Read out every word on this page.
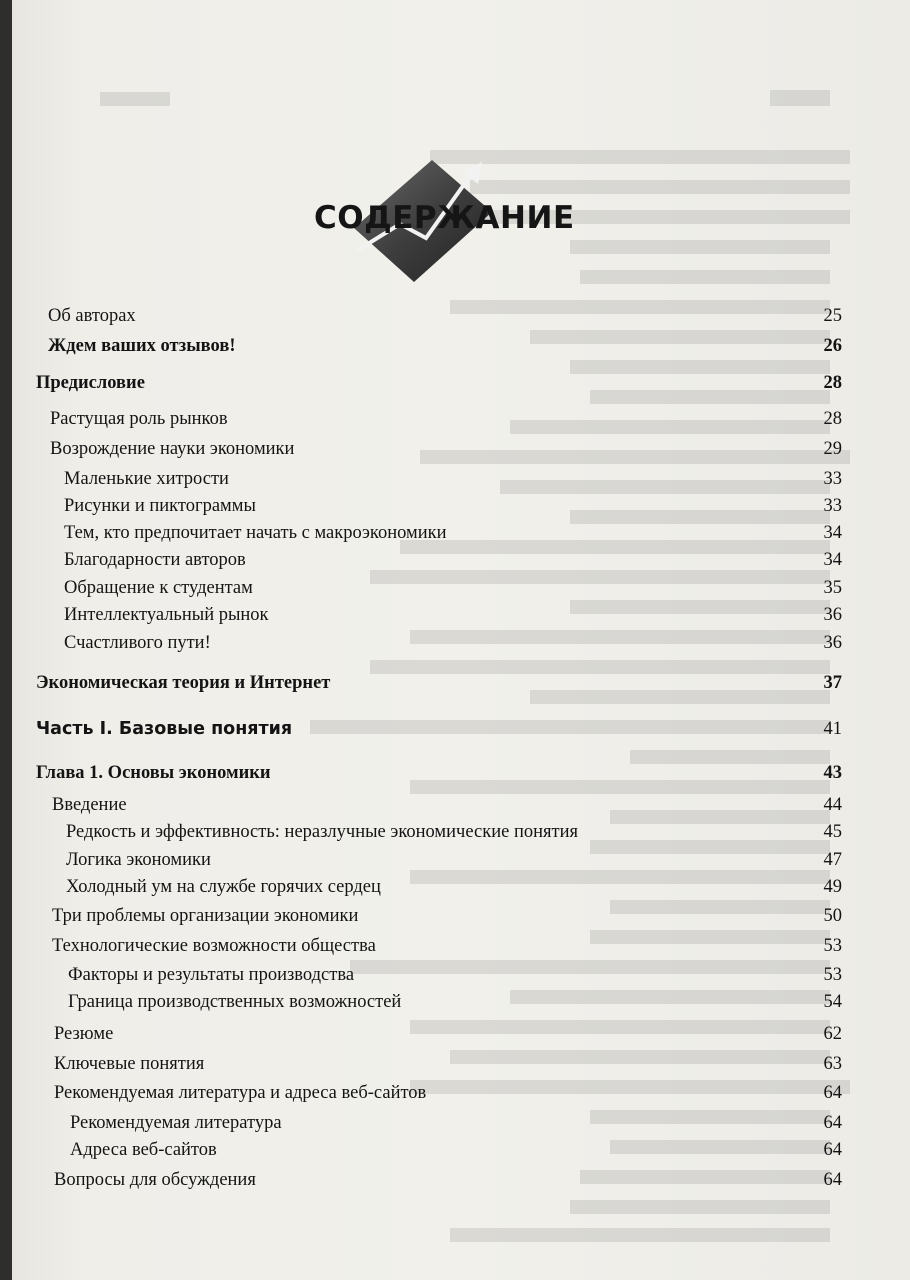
СОДЕРЖАНИЕ
Об авторах	25
Ждем ваших отзывов!	26
Предисловие	28
Растущая роль рынков	28
Возрождение науки экономики	29
Маленькие хитрости	33
Рисунки и пиктограммы	33
Тем, кто предпочитает начать с макроэкономики	34
Благодарности авторов	34
Обращение к студентам	35
Интеллектуальный рынок	36
Счастливого пути!	36
Экономическая теория и Интернет	37
Часть I. Базовые понятия	41
Глава 1. Основы экономики	43
Введение	44
Редкость и эффективность: неразлучные экономические понятия	45
Логика экономики	47
Холодный ум на службе горячих сердец	49
Три проблемы организации экономики	50
Технологические возможности общества	53
Факторы и результаты производства	53
Граница производственных возможностей	54
Резюме	62
Ключевые понятия	63
Рекомендуемая литература и адреса веб-сайтов	64
Рекомендуемая литература	64
Адреса веб-сайтов	64
Вопросы для обсуждения	64
